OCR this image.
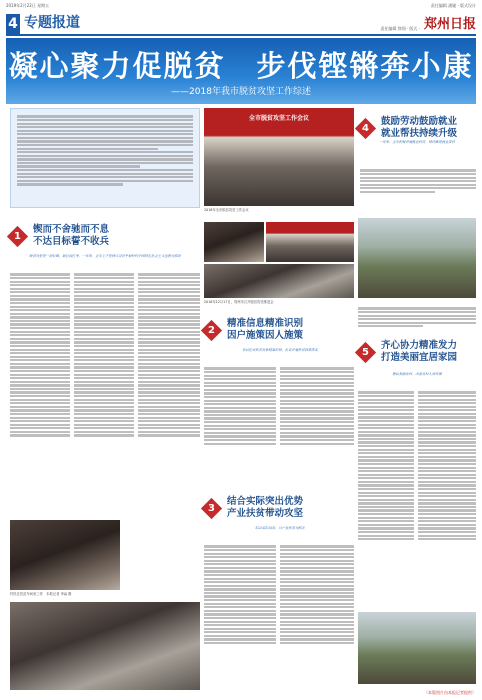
2019年2月22日 星期五	责任编辑 潘婕 · 版式设计
4 专题报道	责任编辑 徐翔 · 版式 · 郑州日报
凝心聚力促脱贫　步伐铿锵奔小康
——2018年我市脱贫攻坚工作综述
全市脱贫攻坚工作会议
2018年全市脱贫攻坚工作会议
4
鼓励劳动鼓励就业
就业帮扶持续升级
一年来，全市积极开展就业扶贫，持续推进就业帮扶
1
锲而不舍驰而不息
不达目标誓不收兵
脱贫攻坚是一项长期、艰巨的任务，一年来，全市上下坚持以习近平新时代中国特色社会主义思想为指导
村民在扶贫车间里工作　 本报记者 李焱 摄
2018年12月17日，郑州市召开脱贫攻坚推进会
2
精准信息精准识别
因户施策因人施策
各县区对扶贫对象精准识别，扎实开展扶贫政策落实	5
齐心协力精准发力
打造美丽宜居家园
建设美丽乡村，改善农村人居环境
3
结合实际突出优势
产业扶贫带动攻坚
结合实际情况，以产业扶贫为抓手
（本版图片由本报记者提供）
